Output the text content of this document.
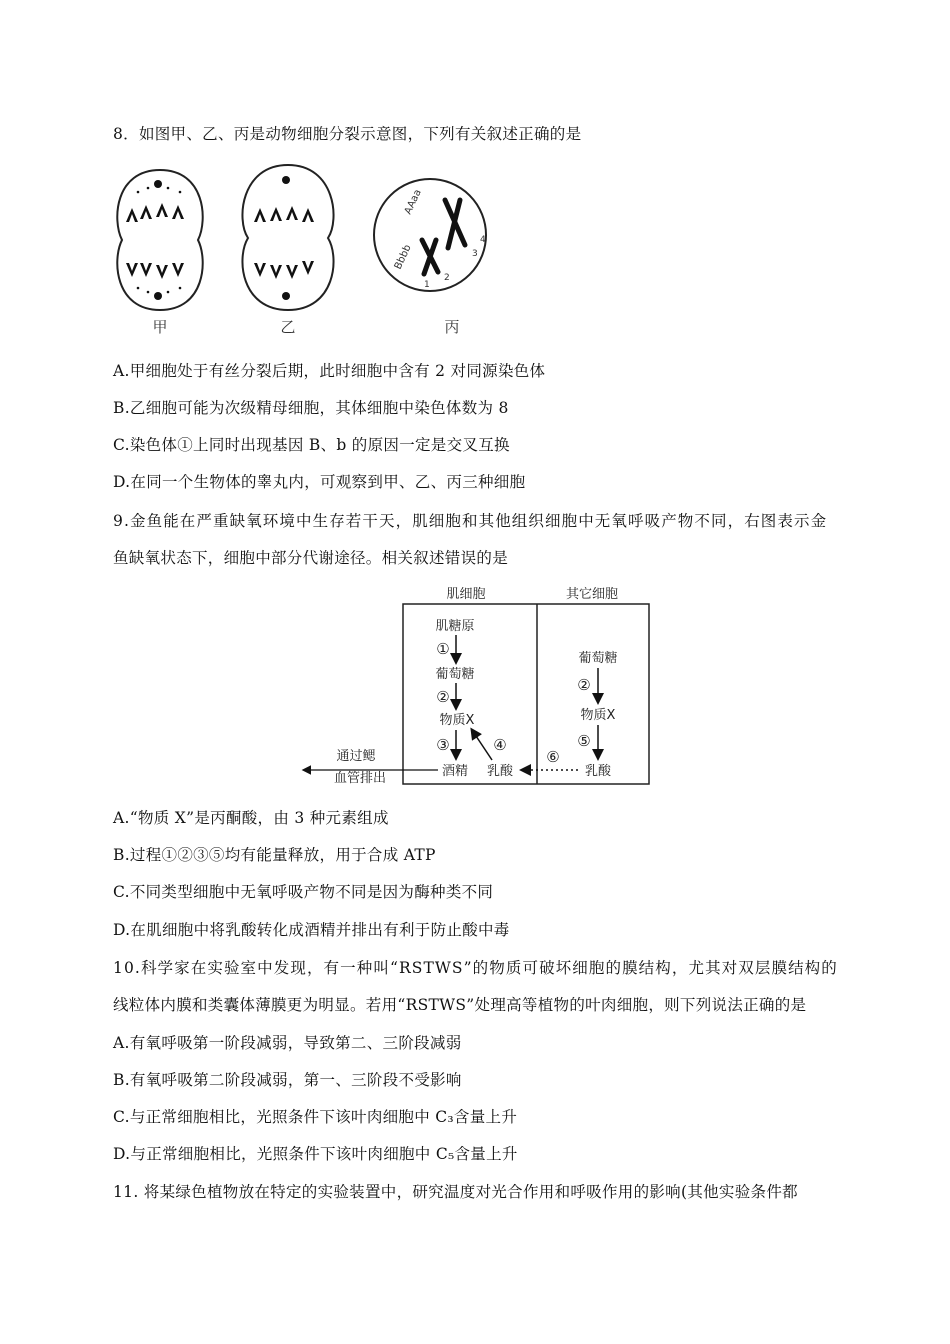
8．如图甲、乙、丙是动物细胞分裂示意图，下列有关叙述正确的是
甲	乙
AAaa
Bbbb
1
2
3
4
丙
A.甲细胞处于有丝分裂后期，此时细胞中含有 2 对同源染色体
B.乙细胞可能为次级精母细胞，其体细胞中染色体数为 8
C.染色体①上同时出现基因 B、b 的原因一定是交叉互换
D.在同一个生物体的睾丸内，可观察到甲、乙、丙三种细胞
9.金鱼能在严重缺氧环境中生存若干天，肌细胞和其他组织细胞中无氧呼吸产物不同，右图表示金
鱼缺氧状态下，细胞中部分代谢途径。相关叙述错误的是
肌细胞	其它细胞
肌糖原
葡萄糖
物质X
酒精 乳酸
①
②
③	④
葡萄糖
物质X
乳酸
②
⑤
⑥
通过鳃
血管排出
A.“物质 X”是丙酮酸，由 3 种元素组成
B.过程①②③⑤均有能量释放，用于合成 ATP
C.不同类型细胞中无氧呼吸产物不同是因为酶种类不同
D.在肌细胞中将乳酸转化成酒精并排出有利于防止酸中毒
10.科学家在实验室中发现，有一种叫“RSTWS”的物质可破坏细胞的膜结构，尤其对双层膜结构的
线粒体内膜和类囊体薄膜更为明显。若用“RSTWS”处理高等植物的叶肉细胞，则下列说法正确的是
A.有氧呼吸第一阶段减弱，导致第二、三阶段减弱
B.有氧呼吸第二阶段减弱，第一、三阶段不受影响
C.与正常细胞相比，光照条件下该叶肉细胞中 C₃含量上升
D.与正常细胞相比，光照条件下该叶肉细胞中 C₅含量上升
11. 将某绿色植物放在特定的实验装置中，研究温度对光合作用和呼吸作用的影响(其他实验条件都
